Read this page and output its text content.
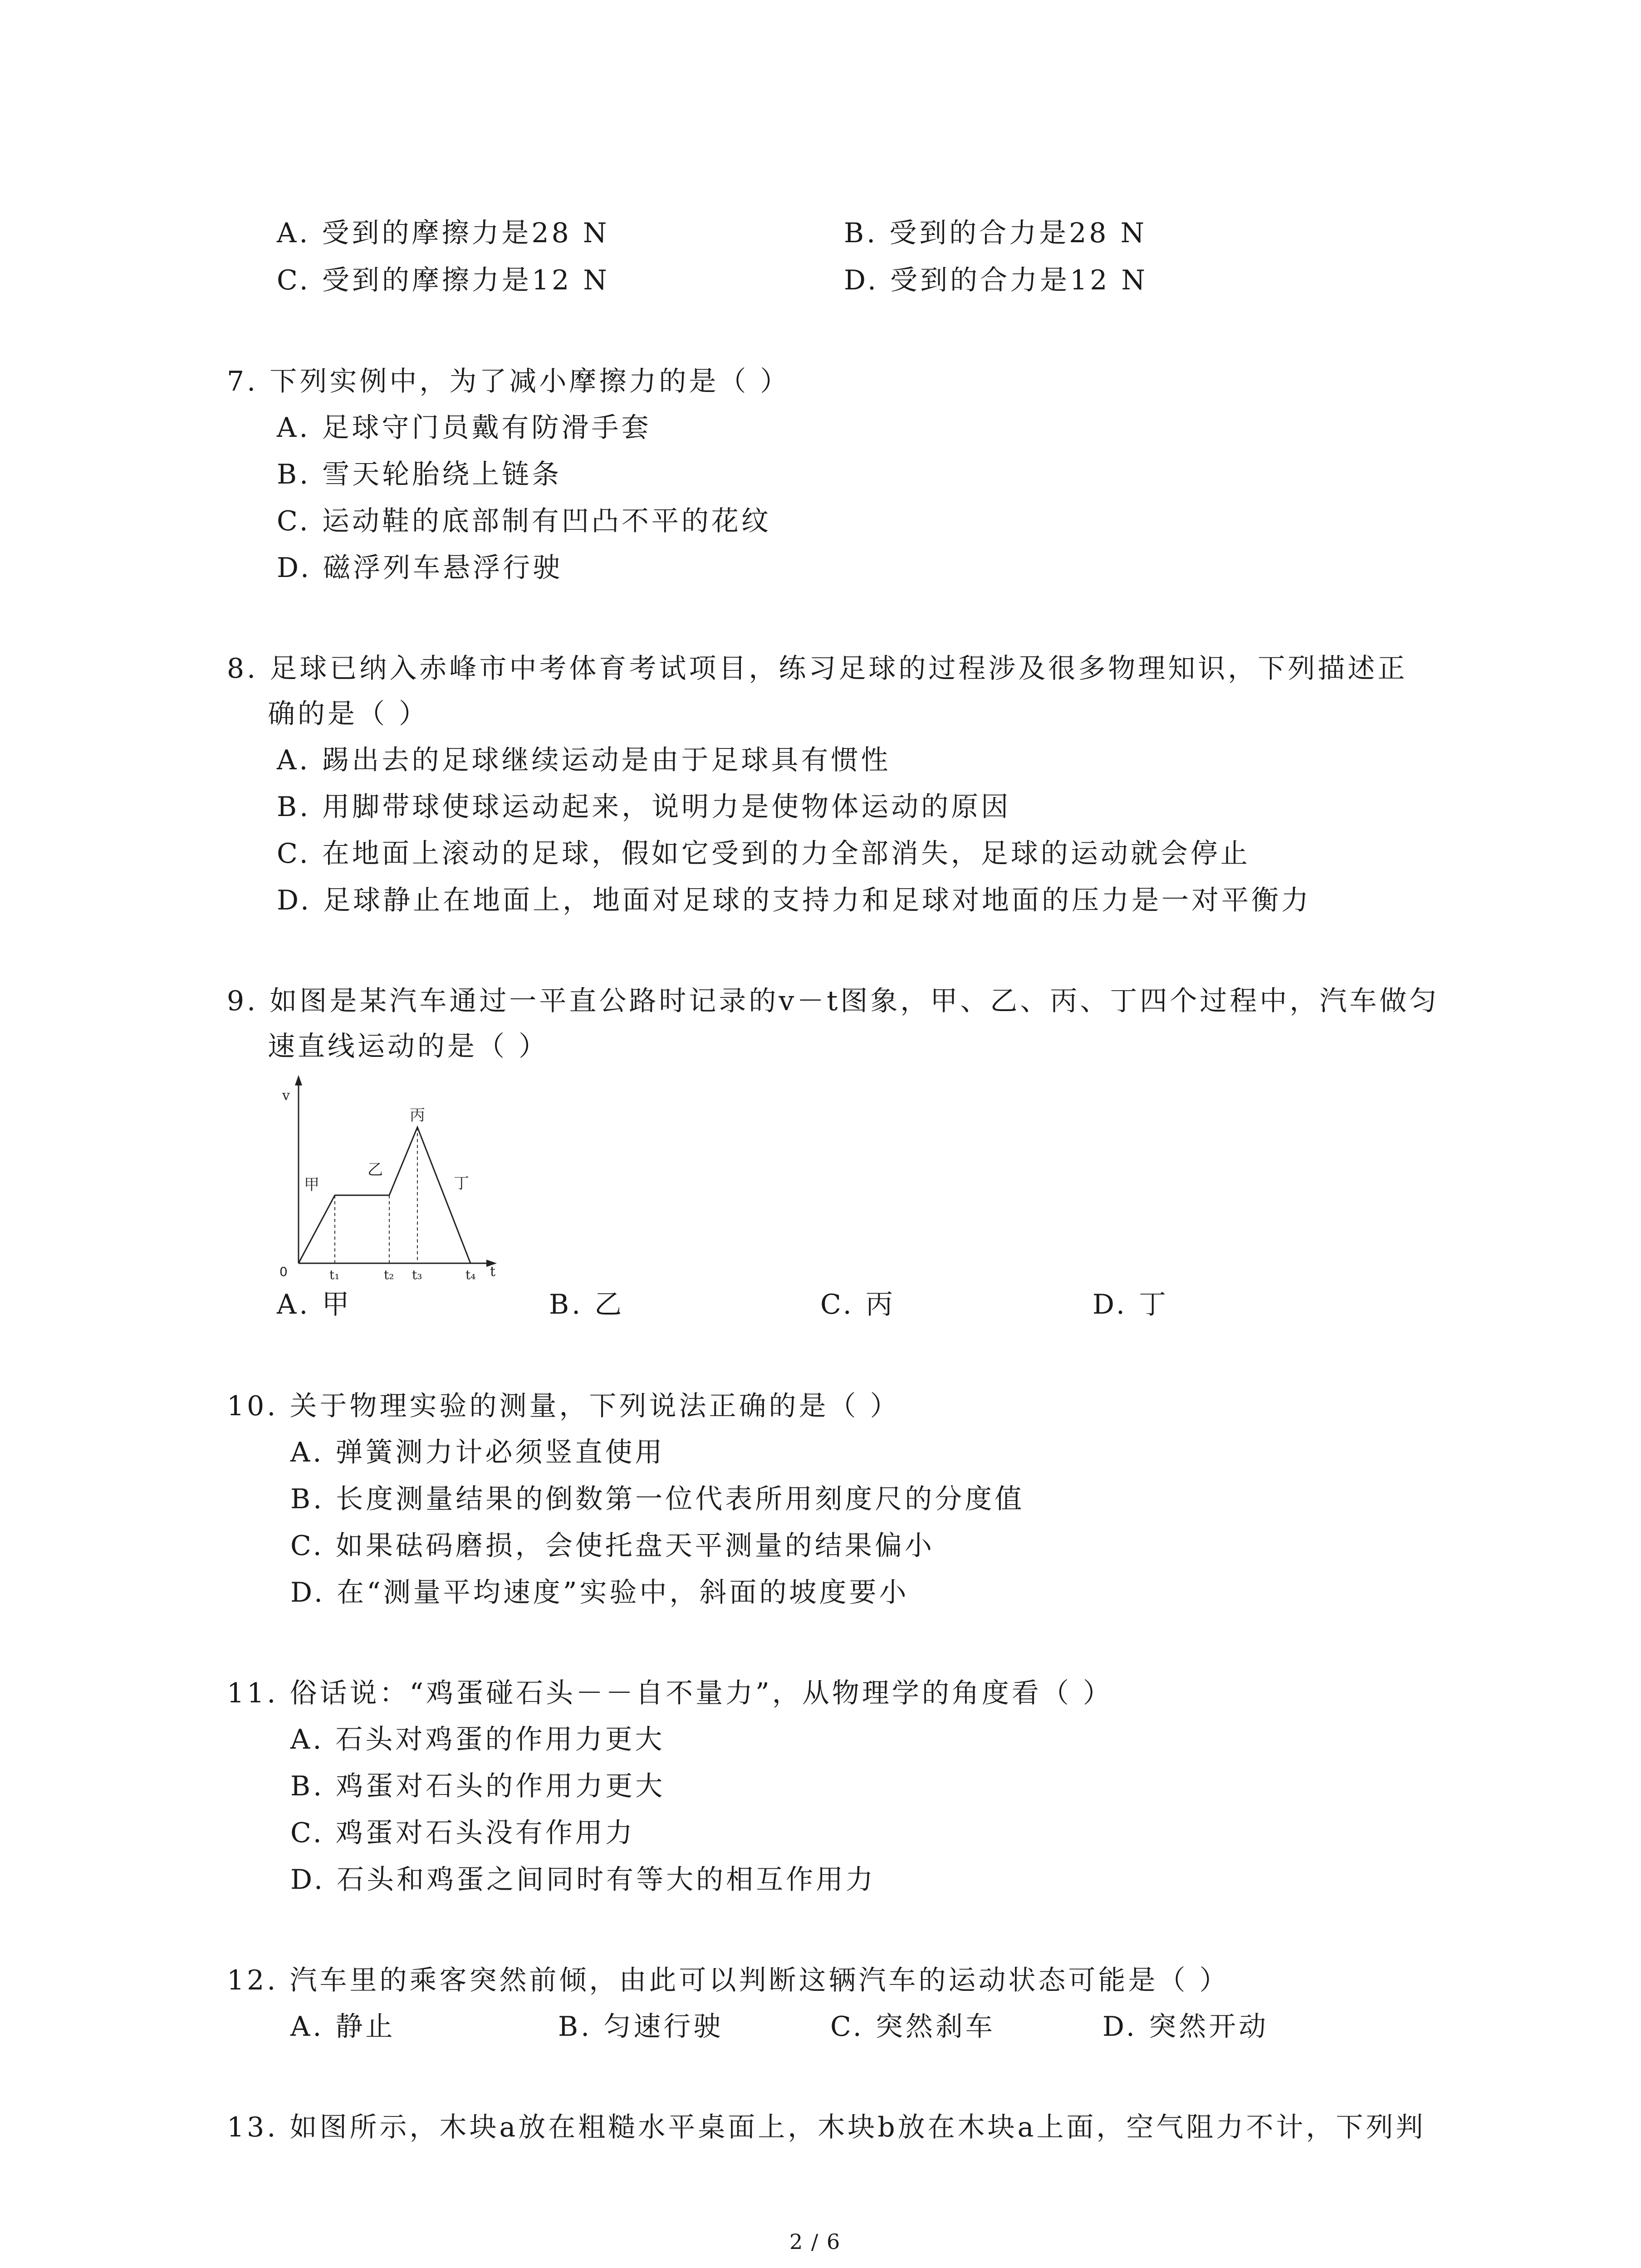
A. 受到的摩擦力是28 N	B. 受到的合力是28 N
C. 受到的摩擦力是12 N	D. 受到的合力是12 N
7. 下列实例中，为了减小摩擦力的是（ ）
A. 足球守门员戴有防滑手套
B. 雪天轮胎绕上链条
C. 运动鞋的底部制有凹凸不平的花纹
D. 磁浮列车悬浮行驶
8. 足球已纳入赤峰市中考体育考试项目，练习足球的过程涉及很多物理知识，下列描述正
确的是（ ）
A. 踢出去的足球继续运动是由于足球具有惯性
B. 用脚带球使球运动起来，说明力是使物体运动的原因
C. 在地面上滚动的足球，假如它受到的力全部消失，足球的运动就会停止
D. 足球静止在地面上，地面对足球的支持力和足球对地面的压力是一对平衡力
9. 如图是某汽车通过一平直公路时记录的v－t图象，甲、乙、丙、丁四个过程中，汽车做匀
速直线运动的是（ ）
v
t
0	t₁	t₂ t₃	t₄
甲
乙
丙
丁
A. 甲	B. 乙	C. 丙	D. 丁
10. 关于物理实验的测量，下列说法正确的是（ ）
A. 弹簧测力计必须竖直使用
B. 长度测量结果的倒数第一位代表所用刻度尺的分度值
C. 如果砝码磨损，会使托盘天平测量的结果偏小
D. 在“测量平均速度”实验中，斜面的坡度要小
11. 俗话说：“鸡蛋碰石头－－自不量力”，从物理学的角度看（ ）
A. 石头对鸡蛋的作用力更大
B. 鸡蛋对石头的作用力更大
C. 鸡蛋对石头没有作用力
D. 石头和鸡蛋之间同时有等大的相互作用力
12. 汽车里的乘客突然前倾，由此可以判断这辆汽车的运动状态可能是（ ）
A. 静止	B. 匀速行驶	C. 突然刹车	D. 突然开动
13. 如图所示，木块a放在粗糙水平桌面上，木块b放在木块a上面，空气阻力不计，下列判
2 / 6
